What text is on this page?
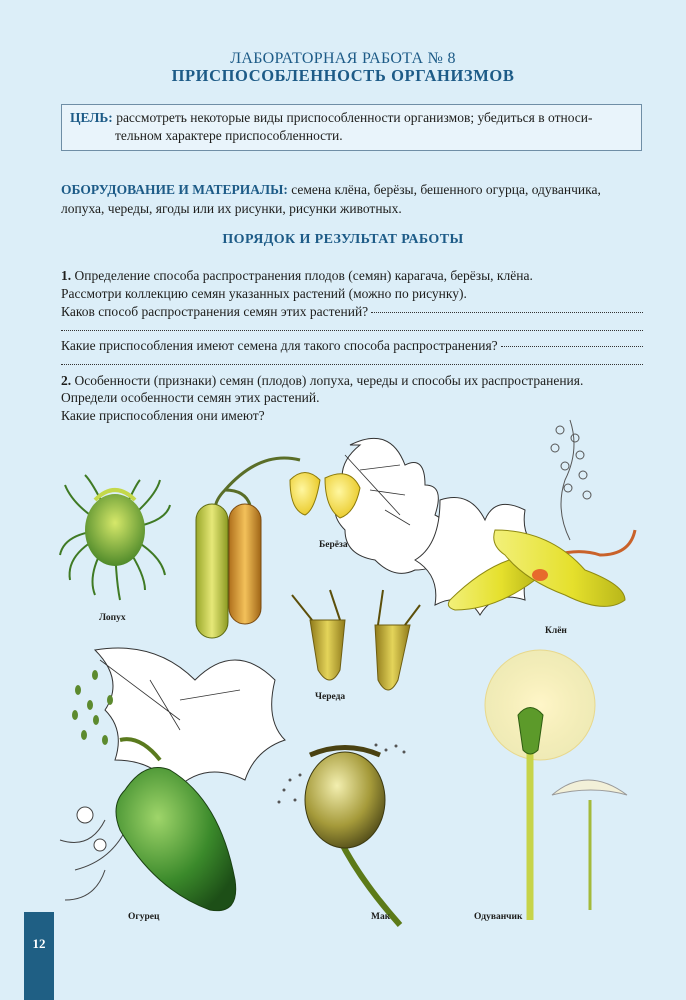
ЛАБОРАТОРНАЯ РАБОТА № 8
ПРИСПОСОБЛЕННОСТЬ ОРГАНИЗМОВ
ЦЕЛЬ: рассмотреть некоторые виды приспособленности организмов; убедиться в относи-
тельном характере приспособленности.
ОБОРУДОВАНИЕ И МАТЕРИАЛЫ: семена клёна, берёзы, бешенного огурца, одуванчика,
лопуха, череды, ягоды или их рисунки, рисунки животных.
ПОРЯДОК И РЕЗУЛЬТАТ РАБОТЫ
1. Определение способа распространения плодов (семян) карагача, берёзы, клёна.
Рассмотри коллекцию семян указанных растений (можно по рисунку).
Каков способ распространения семян этих растений?
Какие приспособления имеют семена для такого способа распространения?
2. Особенности (признаки) семян (плодов) лопуха, череды и способы их распространения.
Определи особенности семян этих растений.
Какие приспособления они имеют?
Лопух
Берёза
Клён
Череда
Огурец	Мак	Одуванчик
12
